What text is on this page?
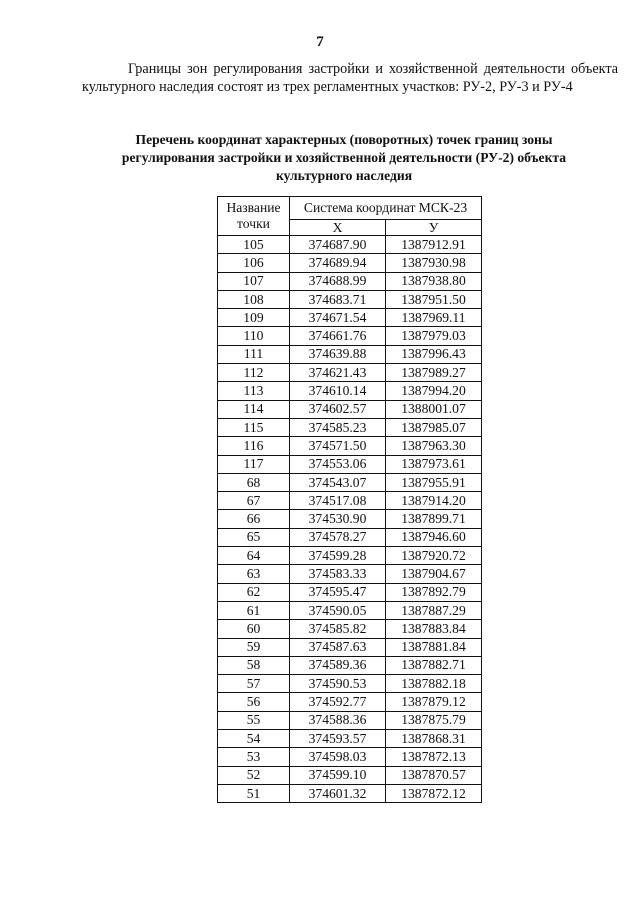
7

Границы зон регулирования застройки и хозяйственной деятельности объекта культурного наследия состоят из трех регламентных участков: РУ-2, РУ-3 и РУ-4

Перечень координат характерных (поворотных) точек границ зоны регулирования застройки и хозяйственной деятельности (РУ-2) объекта культурного наследия
Название точки	Система координат МСК-23	
	X	У
105	374687.90	1387912.91
106	374689.94	1387930.98
107	374688.99	1387938.80
108	374683.71	1387951.50
109	374671.54	1387969.11
110	374661.76	1387979.03
111	374639.88	1387996.43
112	374621.43	1387989.27
113	374610.14	1387994.20
114	374602.57	1388001.07
115	374585.23	1387985.07
116	374571.50	1387963.30
117	374553.06	1387973.61
68	374543.07	1387955.91
67	374517.08	1387914.20
66	374530.90	1387899.71
65	374578.27	1387946.60
64	374599.28	1387920.72
63	374583.33	1387904.67
62	374595.47	1387892.79
61	374590.05	1387887.29
60	374585.82	1387883.84
59	374587.63	1387881.84
58	374589.36	1387882.71
57	374590.53	1387882.18
56	374592.77	1387879.12
55	374588.36	1387875.79
54	374593.57	1387868.31
53	374598.03	1387872.13
52	374599.10	1387870.57
51	374601.32	1387872.12
